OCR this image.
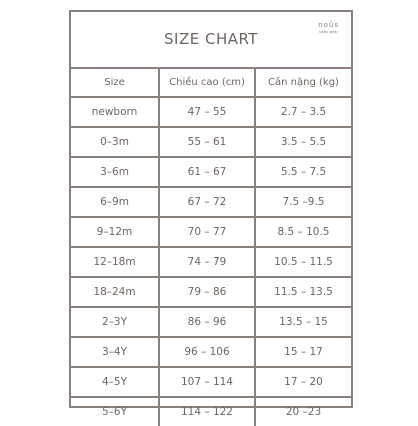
SIZE CHART
noüs
baby wear
Size	Chiều cao (cm)	Cân nặng (kg)
newborn	47 – 55	2.7 – 3.5
0–3m	55 – 61	3.5 – 5.5
3–6m	61 – 67	5.5 – 7.5
6–9m	67 – 72	7.5 –9.5
9–12m	70 – 77	8.5 – 10.5
12–18m	74 – 79	10.5 – 11.5
18–24m	79 – 86	11.5 – 13.5
2–3Y	86 – 96	13.5 – 15
3–4Y	96 – 106	15 – 17
4–5Y	107 – 114	17 – 20
5–6Y	114 – 122	20 –23
